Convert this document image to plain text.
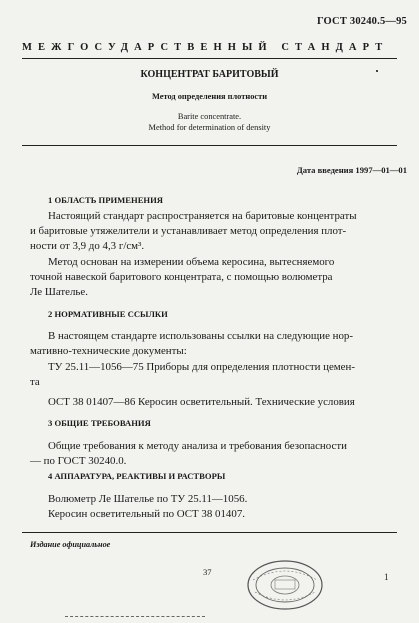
ГОСТ 30240.5—95
МЕЖГОСУДАРСТВЕННЫЙ СТАНДАРТ
КОНЦЕНТРАТ БАРИТОВЫЙ
Метод определения плотности
Barite concentrate.
Method for determination of density
Дата введения 1997—01—01
1 ОБЛАСТЬ ПРИМЕНЕНИЯ
Настоящий стандарт распространяется на баритовые концентраты
и баритовые утяжелители и устанавливает метод определения плот-
ности от 3,9 до 4,3 г/см³.
Метод основан на измерении объема керосина, вытесняемого
точной навеской баритового концентрата, с помощью волюметра
Ле Шателье.
2 НОРМАТИВНЫЕ ССЫЛКИ
В настоящем стандарте использованы ссылки на следующие нор-
мативно-технические документы:
ТУ 25.11—1056—75 Приборы для определения плотности цемен-
та
ОСТ 38 01407—86 Керосин осветительный. Технические условия
3 ОБЩИЕ ТРЕБОВАНИЯ
Общие требования к методу анализа и требования безопасности
— по ГОСТ 30240.0.
4 АППАРАТУРА, РЕАКТИВЫ И РАСТВОРЫ
Волюметр Ле Шателье по ТУ 25.11—1056.
Керосин осветительный по ОСТ 38 01407.
Издание официальное
37	1
